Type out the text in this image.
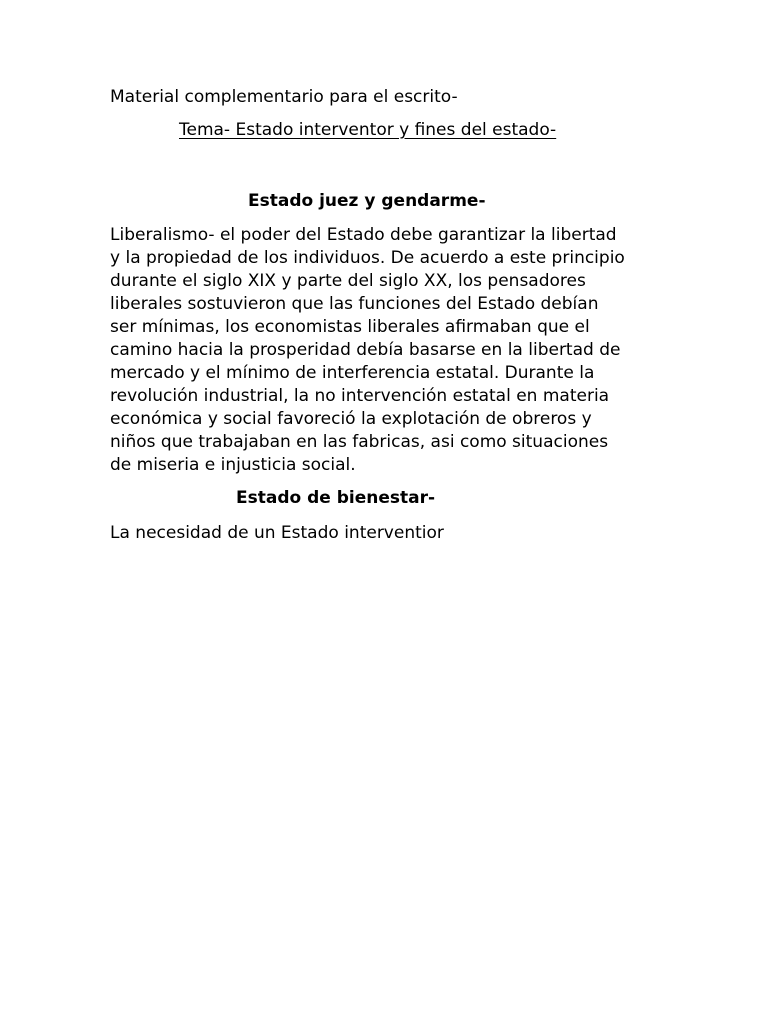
Material complementario para el escrito-

Tema- Estado interventor y fines del estado-

Estado juez y gendarme-

Liberalismo- el poder del Estado debe garantizar la libertad
y la propiedad de los individuos. De acuerdo a este principio
durante el siglo XIX y parte del siglo XX, los pensadores
liberales sostuvieron que las funciones del Estado debían
ser mínimas, los economistas liberales afirmaban que el
camino hacia la prosperidad debía basarse en la libertad de
mercado y el mínimo de interferencia estatal. Durante la
revolución industrial, la no intervención estatal en materia
económica y social favoreció la explotación de obreros y
niños que trabajaban en las fabricas, asi como situaciones
de miseria e injusticia social.

Estado de bienestar-

La necesidad de un Estado interventior
